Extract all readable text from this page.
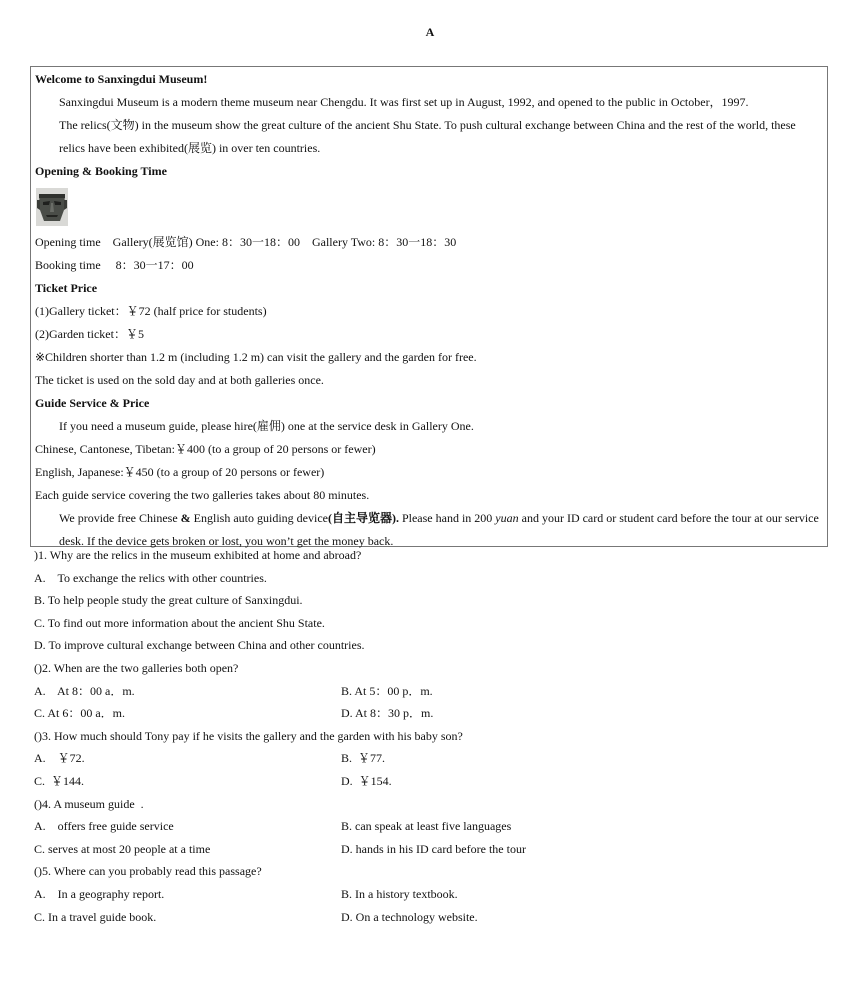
A
Welcome to Sanxingdui Museum!
Sanxingdui Museum is a modern theme museum near Chengdu. It was first set up in August, 1992, and opened to the public in October，1997.
The relics(文物) in the museum show the great culture of the ancient Shu State. To push cultural exchange between China and the rest of the world, these relics have been exhibited(展览) in over ten countries.
Opening & Booking Time
Opening time    Gallery(展览馆) One: 8：30一18：00    Gallery Two: 8：30一18：30
Booking time     8：30一17：00
Ticket Price
(1)Gallery ticket：￥72 (half price for students)
(2)Garden ticket：￥5
※Children shorter than 1.2 m (including 1.2 m) can visit the gallery and the garden for free.
The ticket is used on the sold day and at both galleries once.
Guide Service & Price
If you need a museum guide, please hire(雇佣) one at the service desk in Gallery One.
Chinese, Cantonese, Tibetan:￥400 (to a group of 20 persons or fewer)
English, Japanese:￥450 (to a group of 20 persons or fewer)
Each guide service covering the two galleries takes about 80 minutes.
We provide free Chinese & English auto guiding device(自主导览器). Please hand in 200 yuan and your ID card or student card before the tour at our service desk. If the device gets broken or lost, you won’t get the money back.
)1. Why are the relics in the museum exhibited at home and abroad?
A.    To exchange the relics with other countries.
B. To help people study the great culture of Sanxingdui.
C. To find out more information about the ancient Shu State.
D. To improve cultural exchange between China and other countries.
()2. When are the two galleries both open?
A.    At 8：00 a．m.	B. At 5：00 p．m.
C. At 6：00 a．m.	D. At 8：30 p．m.
()3. How much should Tony pay if he visits the gallery and the garden with his baby son?
A.    ￥72.	B.  ￥77.
C.  ￥144.	D.  ￥154.
()4. A museum guide  .
A.    offers free guide service	B. can speak at least five languages
C. serves at most 20 people at a time	D. hands in his ID card before the tour
()5. Where can you probably read this passage?
A.    In a geography report.	B. In a history textbook.
C. In a travel guide book.	D. On a technology website.
